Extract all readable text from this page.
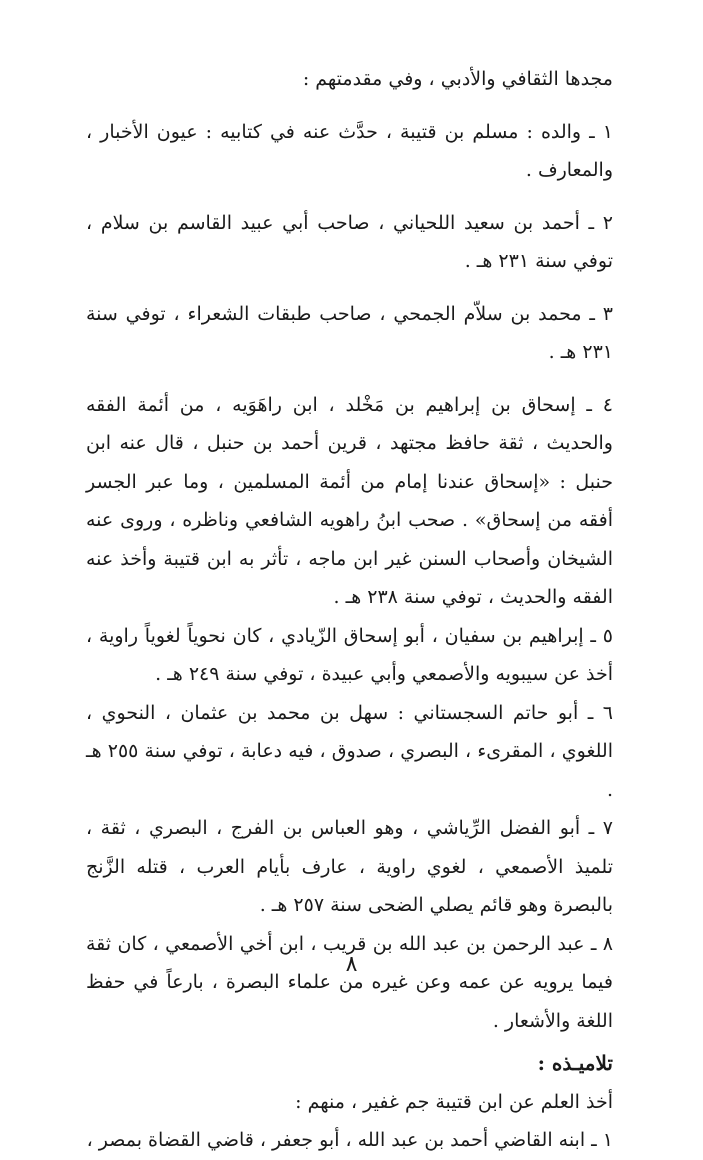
مجدها الثقافي والأدبي ، وفي مقدمتهم :

١ ـ والده : مسلم بن قتيبة ، حدَّث عنه في كتابيه : عيون الأخبار ، والمعارف .

٢ ـ أحمد بن سعيد اللحياني ، صاحب أبي عبيد القاسم بن سلام ، توفي سنة ٢٣١ هـ .

٣ ـ محمد بن سلاّم الجمحي ، صاحب طبقات الشعراء ، توفي سنة ٢٣١ هـ .

٤ ـ إسحاق بن إبراهيم بن مَخْلد ، ابن راهَوَيه ، من أئمة الفقه والحديث ، ثقة حافظ مجتهد ، قرين أحمد بن حنبل ، قال عنه ابن حنبل : «إسحاق عندنا إمام من أئمة المسلمين ، وما عبر الجسر أفقه من إسحاق» . صحب ابنُ راهويه الشافعي وناظره ، وروى عنه الشيخان وأصحاب السنن غير ابن ماجه ، تأثر به ابن قتيبة وأخذ عنه الفقه والحديث ، توفي سنة ٢٣٨ هـ .

٥ ـ إبراهيم بن سفيان ، أبو إسحاق الزّيادي ، كان نحوياً لغوياً راوية ، أخذ عن سيبويه والأصمعي وأبي عبيدة ، توفي سنة ٢٤٩ هـ .

٦ ـ أبو حاتم السجستاني : سهل بن محمد بن عثمان ، النحوي ، اللغوي ، المقرىء ، البصري ، صدوق ، فيه دعابة ، توفي سنة ٢٥٥ هـ .

٧ ـ أبو الفضل الرِّياشي ، وهو العباس بن الفرج ، البصري ، ثقة ، تلميذ الأصمعي ، لغوي راوية ، عارف بأيام العرب ، قتله الزَّنج بالبصرة وهو قائم يصلي الضحى سنة ٢٥٧ هـ .

٨ ـ عبد الرحمن بن عبد الله بن قريب ، ابن أخي الأصمعي ، كان ثقة فيما يرويه عن عمه وعن غيره من علماء البصرة ، بارعاً في حفظ اللغة والأشعار .

تلاميـذه :

أخذ العلم عن ابن قتيبة جم غفير ، منهم :

١ ـ ابنه القاضي أحمد بن عبد الله ، أبو جعفر ، قاضي القضاة بمصر ،

٨
